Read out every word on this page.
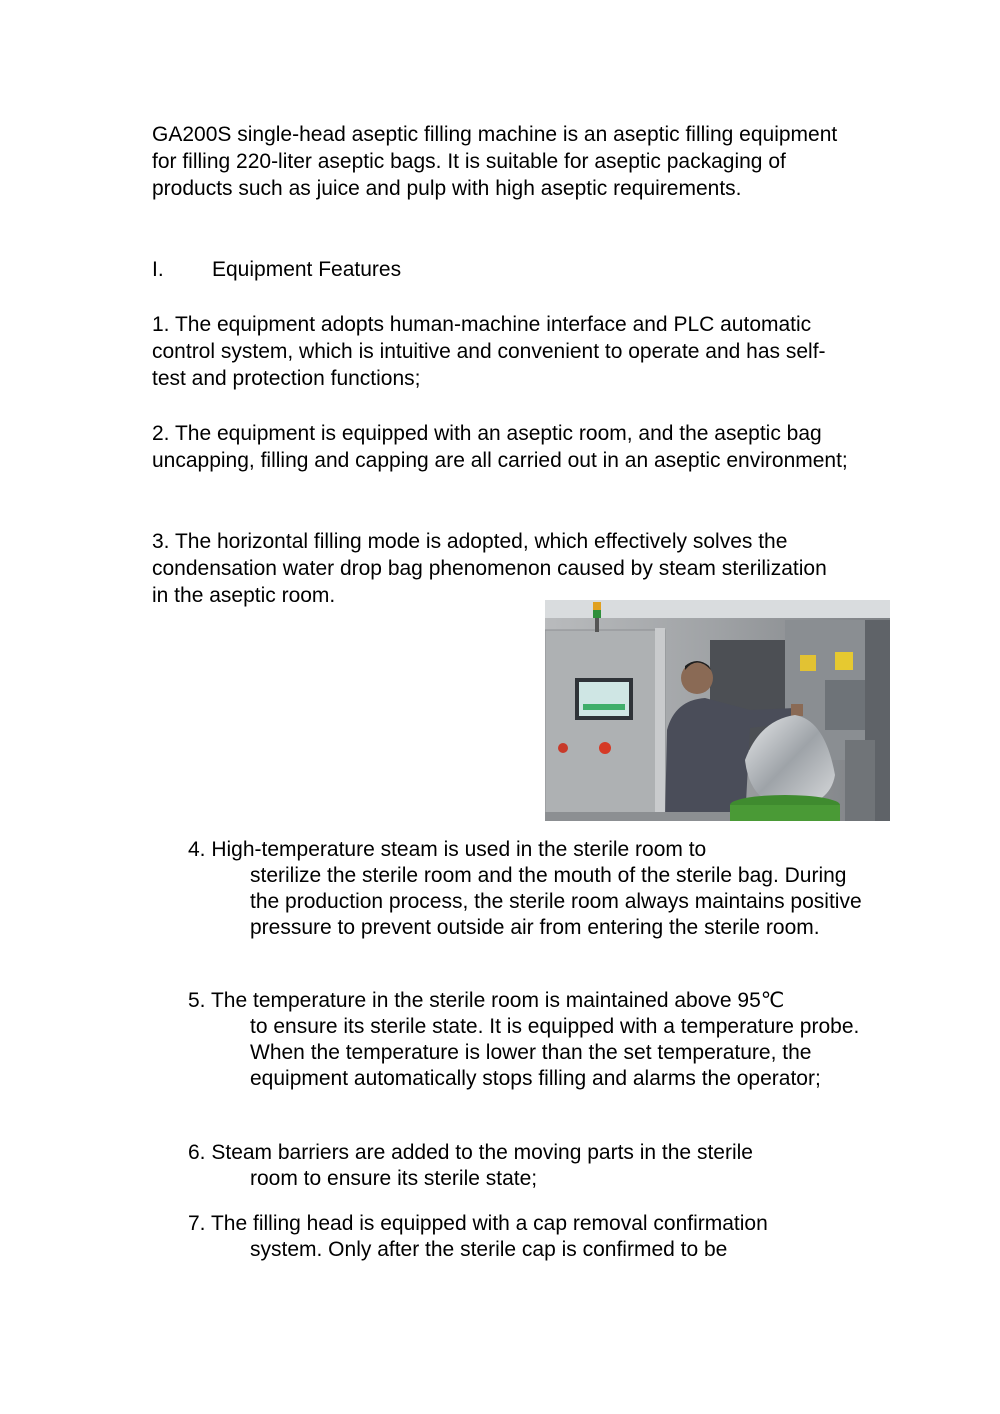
GA200S single-head aseptic filling machine is an aseptic filling equipment for filling 220-liter aseptic bags. It is suitable for aseptic packaging of products such as juice and pulp with high aseptic requirements.

I.	Equipment Features

1. The equipment adopts human-machine interface and PLC automatic control system, which is intuitive and convenient to operate and has self-test and protection functions;

2. The equipment is equipped with an aseptic room, and the aseptic bag uncapping, filling and capping are all carried out in an aseptic environment;

3. The horizontal filling mode is adopted, which effectively solves the condensation water drop bag phenomenon caused by steam sterilization in the aseptic room.

4. High-temperature steam is used in the sterile room to
sterilize the sterile room and the mouth of the sterile bag. During the production process, the sterile room always maintains positive pressure to prevent outside air from entering the sterile room.

5. The temperature in the sterile room is maintained above 95℃
to ensure its sterile state. It is equipped with a temperature probe. When the temperature is lower than the set temperature, the equipment automatically stops filling and alarms the operator;

6. Steam barriers are added to the moving parts in the sterile
room to ensure its sterile state;

7. The filling head is equipped with a cap removal confirmation
system. Only after the sterile cap is confirmed to be
